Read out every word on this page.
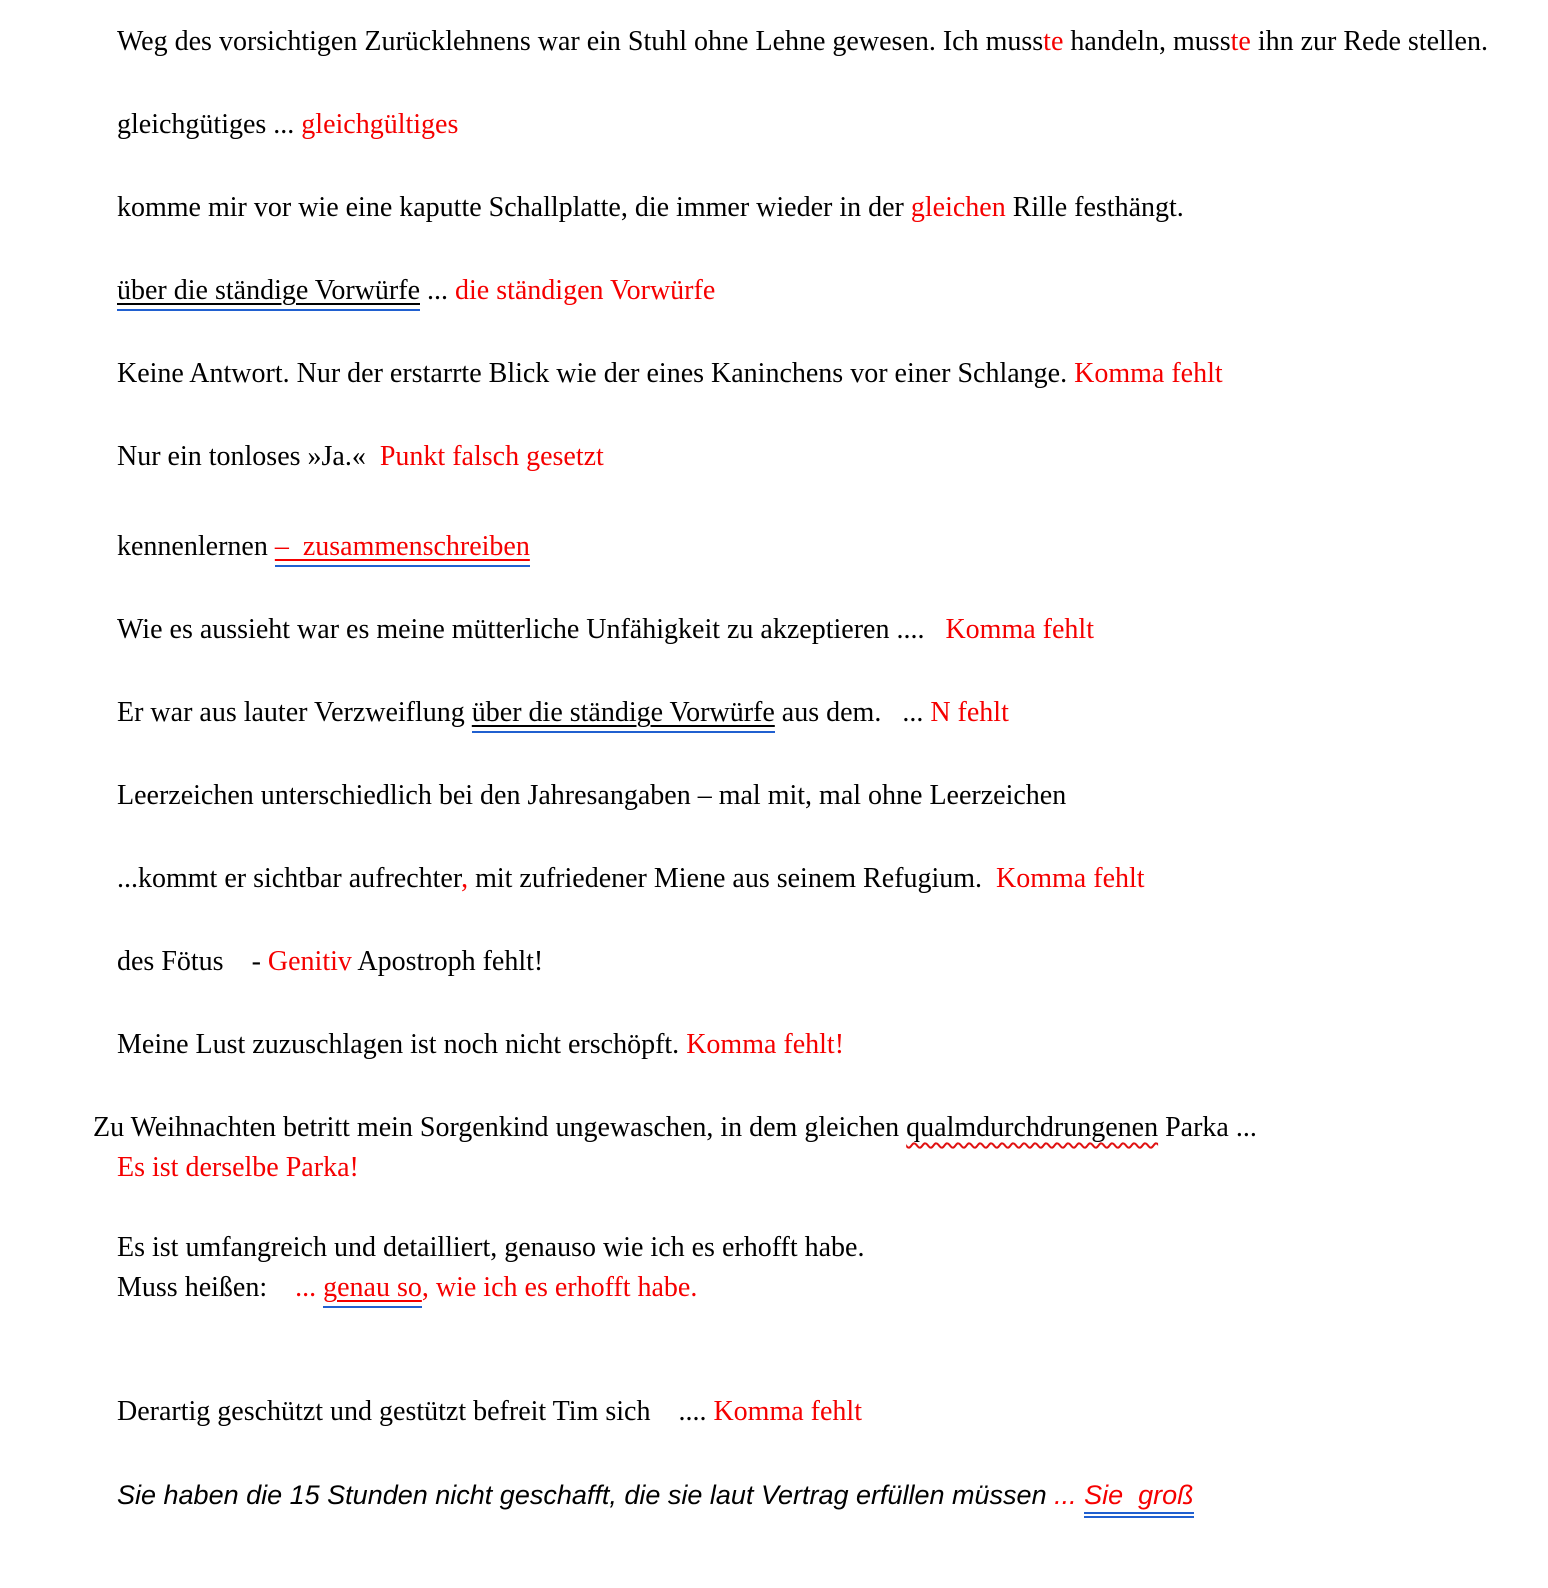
Weg des vorsichtigen Zurücklehnens war ein Stuhl ohne Lehne gewesen. Ich musste handeln, musste ihn zur Rede stellen.
gleichgütiges ... gleichgültiges
komme mir vor wie eine kaputte Schallplatte, die immer wieder in der gleichen Rille festhängt.
über die ständige Vorwürfe ... die ständigen Vorwürfe
Keine Antwort. Nur der erstarrte Blick wie der eines Kaninchens vor einer Schlange. Komma fehlt
Nur ein tonloses »Ja.«  Punkt falsch gesetzt
kennenlernen –  zusammenschreiben
Wie es aussieht war es meine mütterliche Unfähigkeit zu akzeptieren ....   Komma fehlt
Er war aus lauter Verzweiflung über die ständige Vorwürfe aus dem.   ... N fehlt
Leerzeichen unterschiedlich bei den Jahresangaben – mal mit, mal ohne Leerzeichen
...kommt er sichtbar aufrechter, mit zufriedener Miene aus seinem Refugium.  Komma fehlt
des Fötus    - Genitiv Apostroph fehlt!
Meine Lust zuzuschlagen ist noch nicht erschöpft. Komma fehlt!
Zu Weihnachten betritt mein Sorgenkind ungewaschen, in dem gleichen qualmdurchdrungenen Parka ...
Es ist derselbe Parka!
Es ist umfangreich und detailliert, genauso wie ich es erhofft habe.
Muss heißen:    ... genau so, wie ich es erhofft habe.
Derartig geschützt und gestützt befreit Tim sich    .... Komma fehlt
Sie haben die 15 Stunden nicht geschafft, die sie laut Vertrag erfüllen müssen ... Sie  groß
